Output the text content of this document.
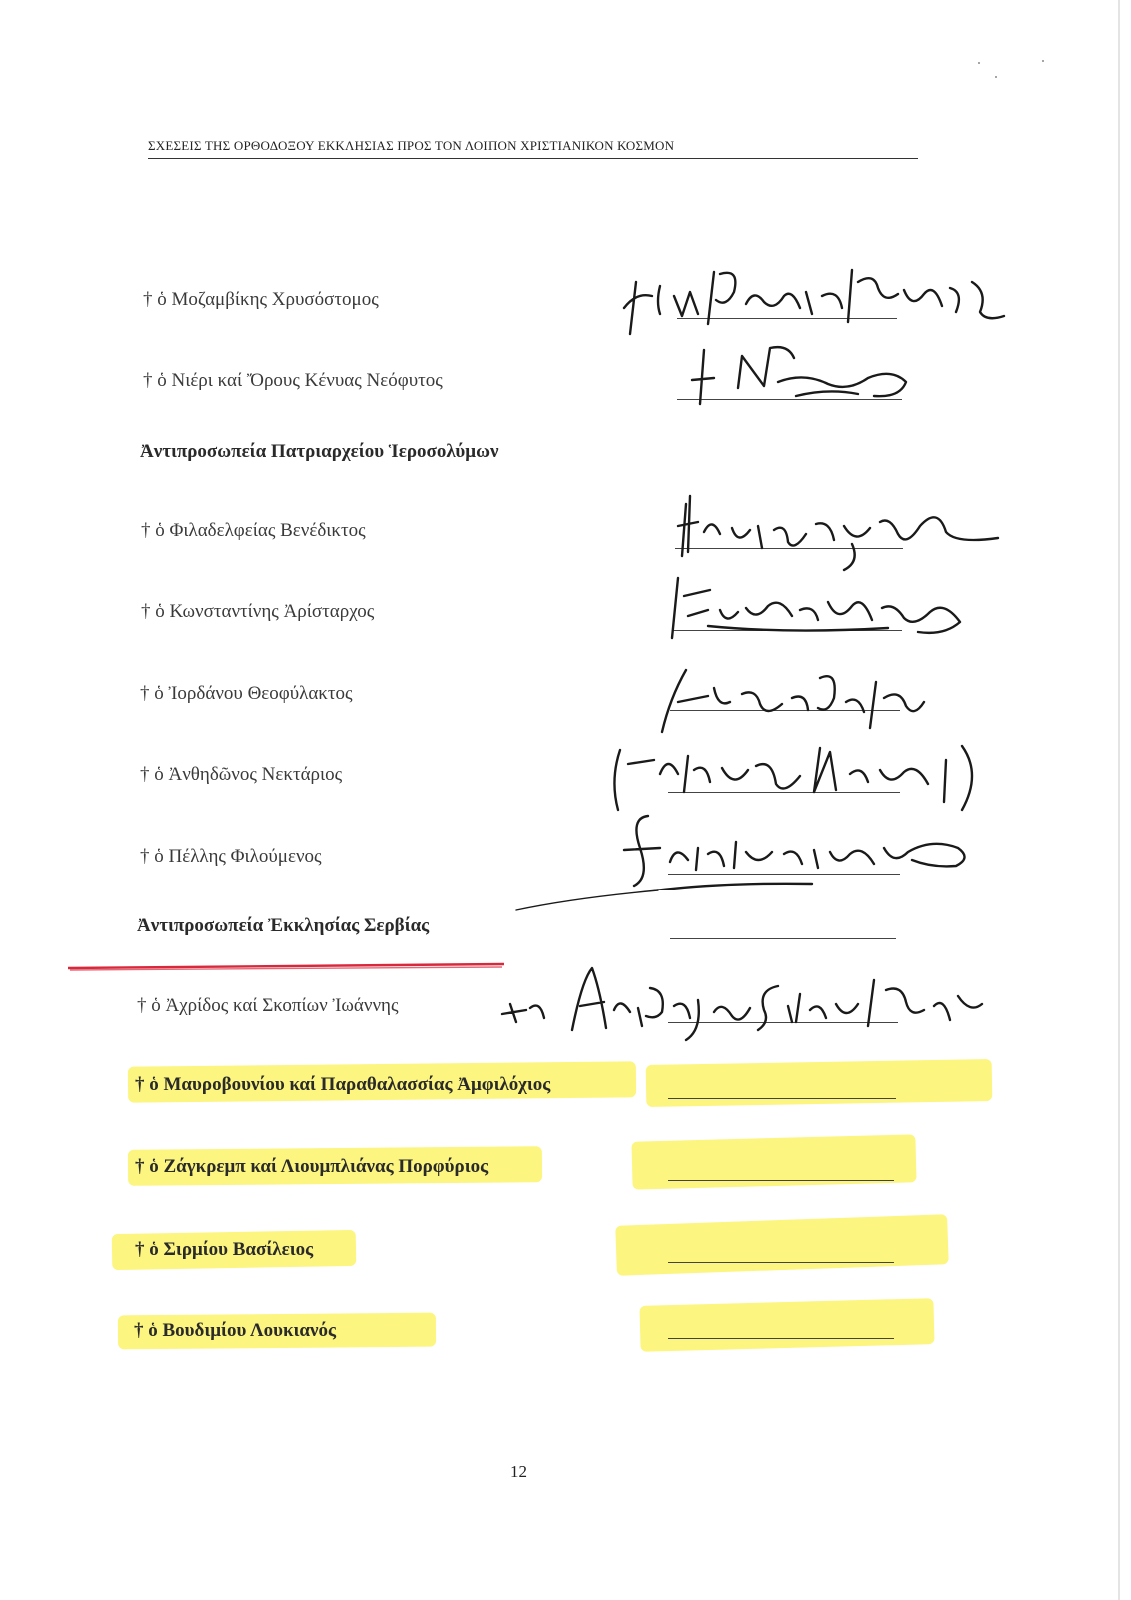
ΣΧΕΣΕΙΣ ΤΗΣ ΟΡΘΟΔΟΞΟΥ ΕΚΚΛΗΣΙΑΣ ΠΡΟΣ ΤΟΝ ΛΟΙΠΟΝ ΧΡΙΣΤΙΑΝΙΚΟΝ ΚΟΣΜΟΝ
† ὁ Μοζαμβίκης Χρυσόστομος
† ὁ Νιέρι καί Ὄρους Κένυας Νεόφυτος
Ἀντιπροσωπεία Πατριαρχείου Ἱεροσολύμων
† ὁ Φιλαδελφείας Βενέδικτος
† ὁ Κωνσταντίνης Ἀρίσταρχος
† ὁ Ἰορδάνου Θεοφύλακτος
† ὁ Ἀνθηδῶνος Νεκτάριος
† ὁ Πέλλης Φιλούμενος
Ἀντιπροσωπεία Ἐκκλησίας Σερβίας
† ὁ Ἀχρίδος καί Σκοπίων Ἰωάννης
† ὁ Μαυροβουνίου καί Παραθαλασσίας Ἀμφιλόχιος
† ὁ Ζάγκρεμπ καί Λιουμπλιάνας Πορφύριος
† ὁ Σιρμίου Βασίλειος
† ὁ Βουδιμίου Λουκιανός
12
